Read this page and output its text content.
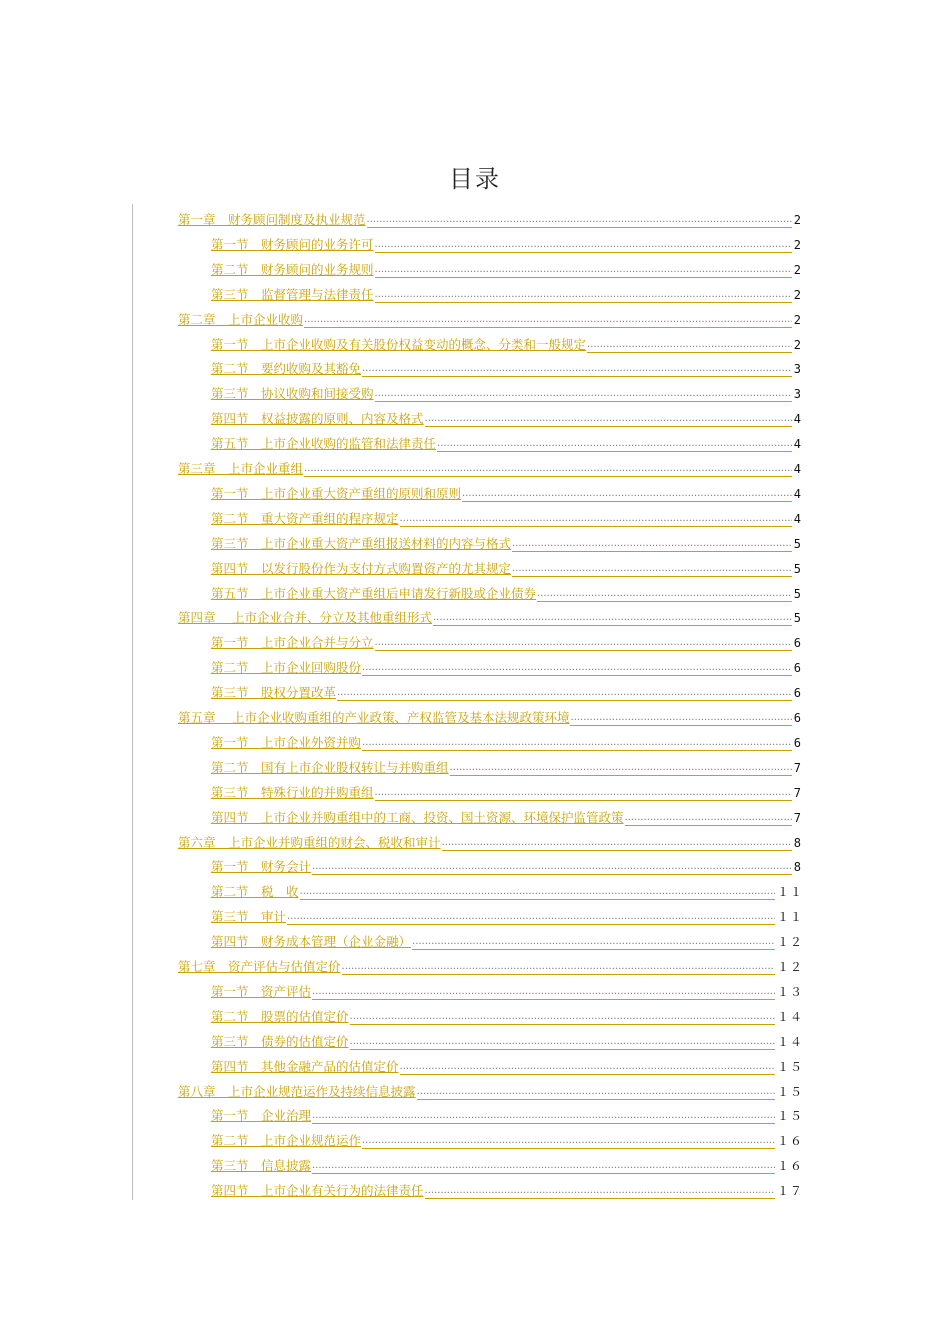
目录
第一章　财务顾问制度及执业规范 .....	2
第一节　财务顾问的业务许可 .....	2
第二节　财务顾问的业务规则 .....	2
第三节　监督管理与法律责任 .....	2
第二章　上市企业收购 .....	2
第一节　上市企业收购及有关股份权益变动的概念、分类和一般规定 .....	2
第二节　要约收购及其豁免 .....	3
第三节　协议收购和间接受购 .....	3
第四节　权益披露的原则、内容及格式 .....	4
第五节　上市企业收购的监管和法律责任 .....	4
第三章　上市企业重组 .....	4
第一节　上市企业重大资产重组的原则和原则 .....	4
第二节　重大资产重组的程序规定 .....	4
第三节　上市企业重大资产重组报送材料的内容与格式 .....	5
第四节　以发行股份作为支付方式购置资产的尤其规定 .....	5
第五节　上市企业重大资产重组后申请发行新股或企业债券 .....	5
第四章　 上市企业合并、分立及其他重组形式 .....	5
第一节　上市企业合并与分立 .....	6
第二节　上市企业回购股份 .....	6
第三节　股权分置改革 .....	6
第五章　 上市企业收购重组的产业政策、产权监管及基本法规政策环境 .....	6
第一节　上市企业外资并购 .....	6
第二节　国有上市企业股权转让与并购重组 .....	7
第三节　特殊行业的并购重组 .....	7
第四节　上市企业并购重组中的工商、投资、国土资源、环境保护监管政策 .....	7
第六章　上市企业并购重组的财会、税收和审计 .....	8
第一节　财务会计 .....	8
第二节　税　收 .....	１１
第三节　审计 .....	１１
第四节　财务成本管理（企业金融） .....	１２
第七章　资产评估与估值定价 .....	１２
第一节　资产评估 .....	１３
第二节　股票的估值定价 .....	１４
第三节　债券的估值定价 .....	１４
第四节　其他金融产品的估值定价 .....	１５
第八章　上市企业规范运作及持续信息披露 .....	１５
第一节　企业治理 .....	１５
第二节　上市企业规范运作 .....	１６
第三节　信息披露 .....	１６
第四节　上市企业有关行为的法律责任 .....	１７
